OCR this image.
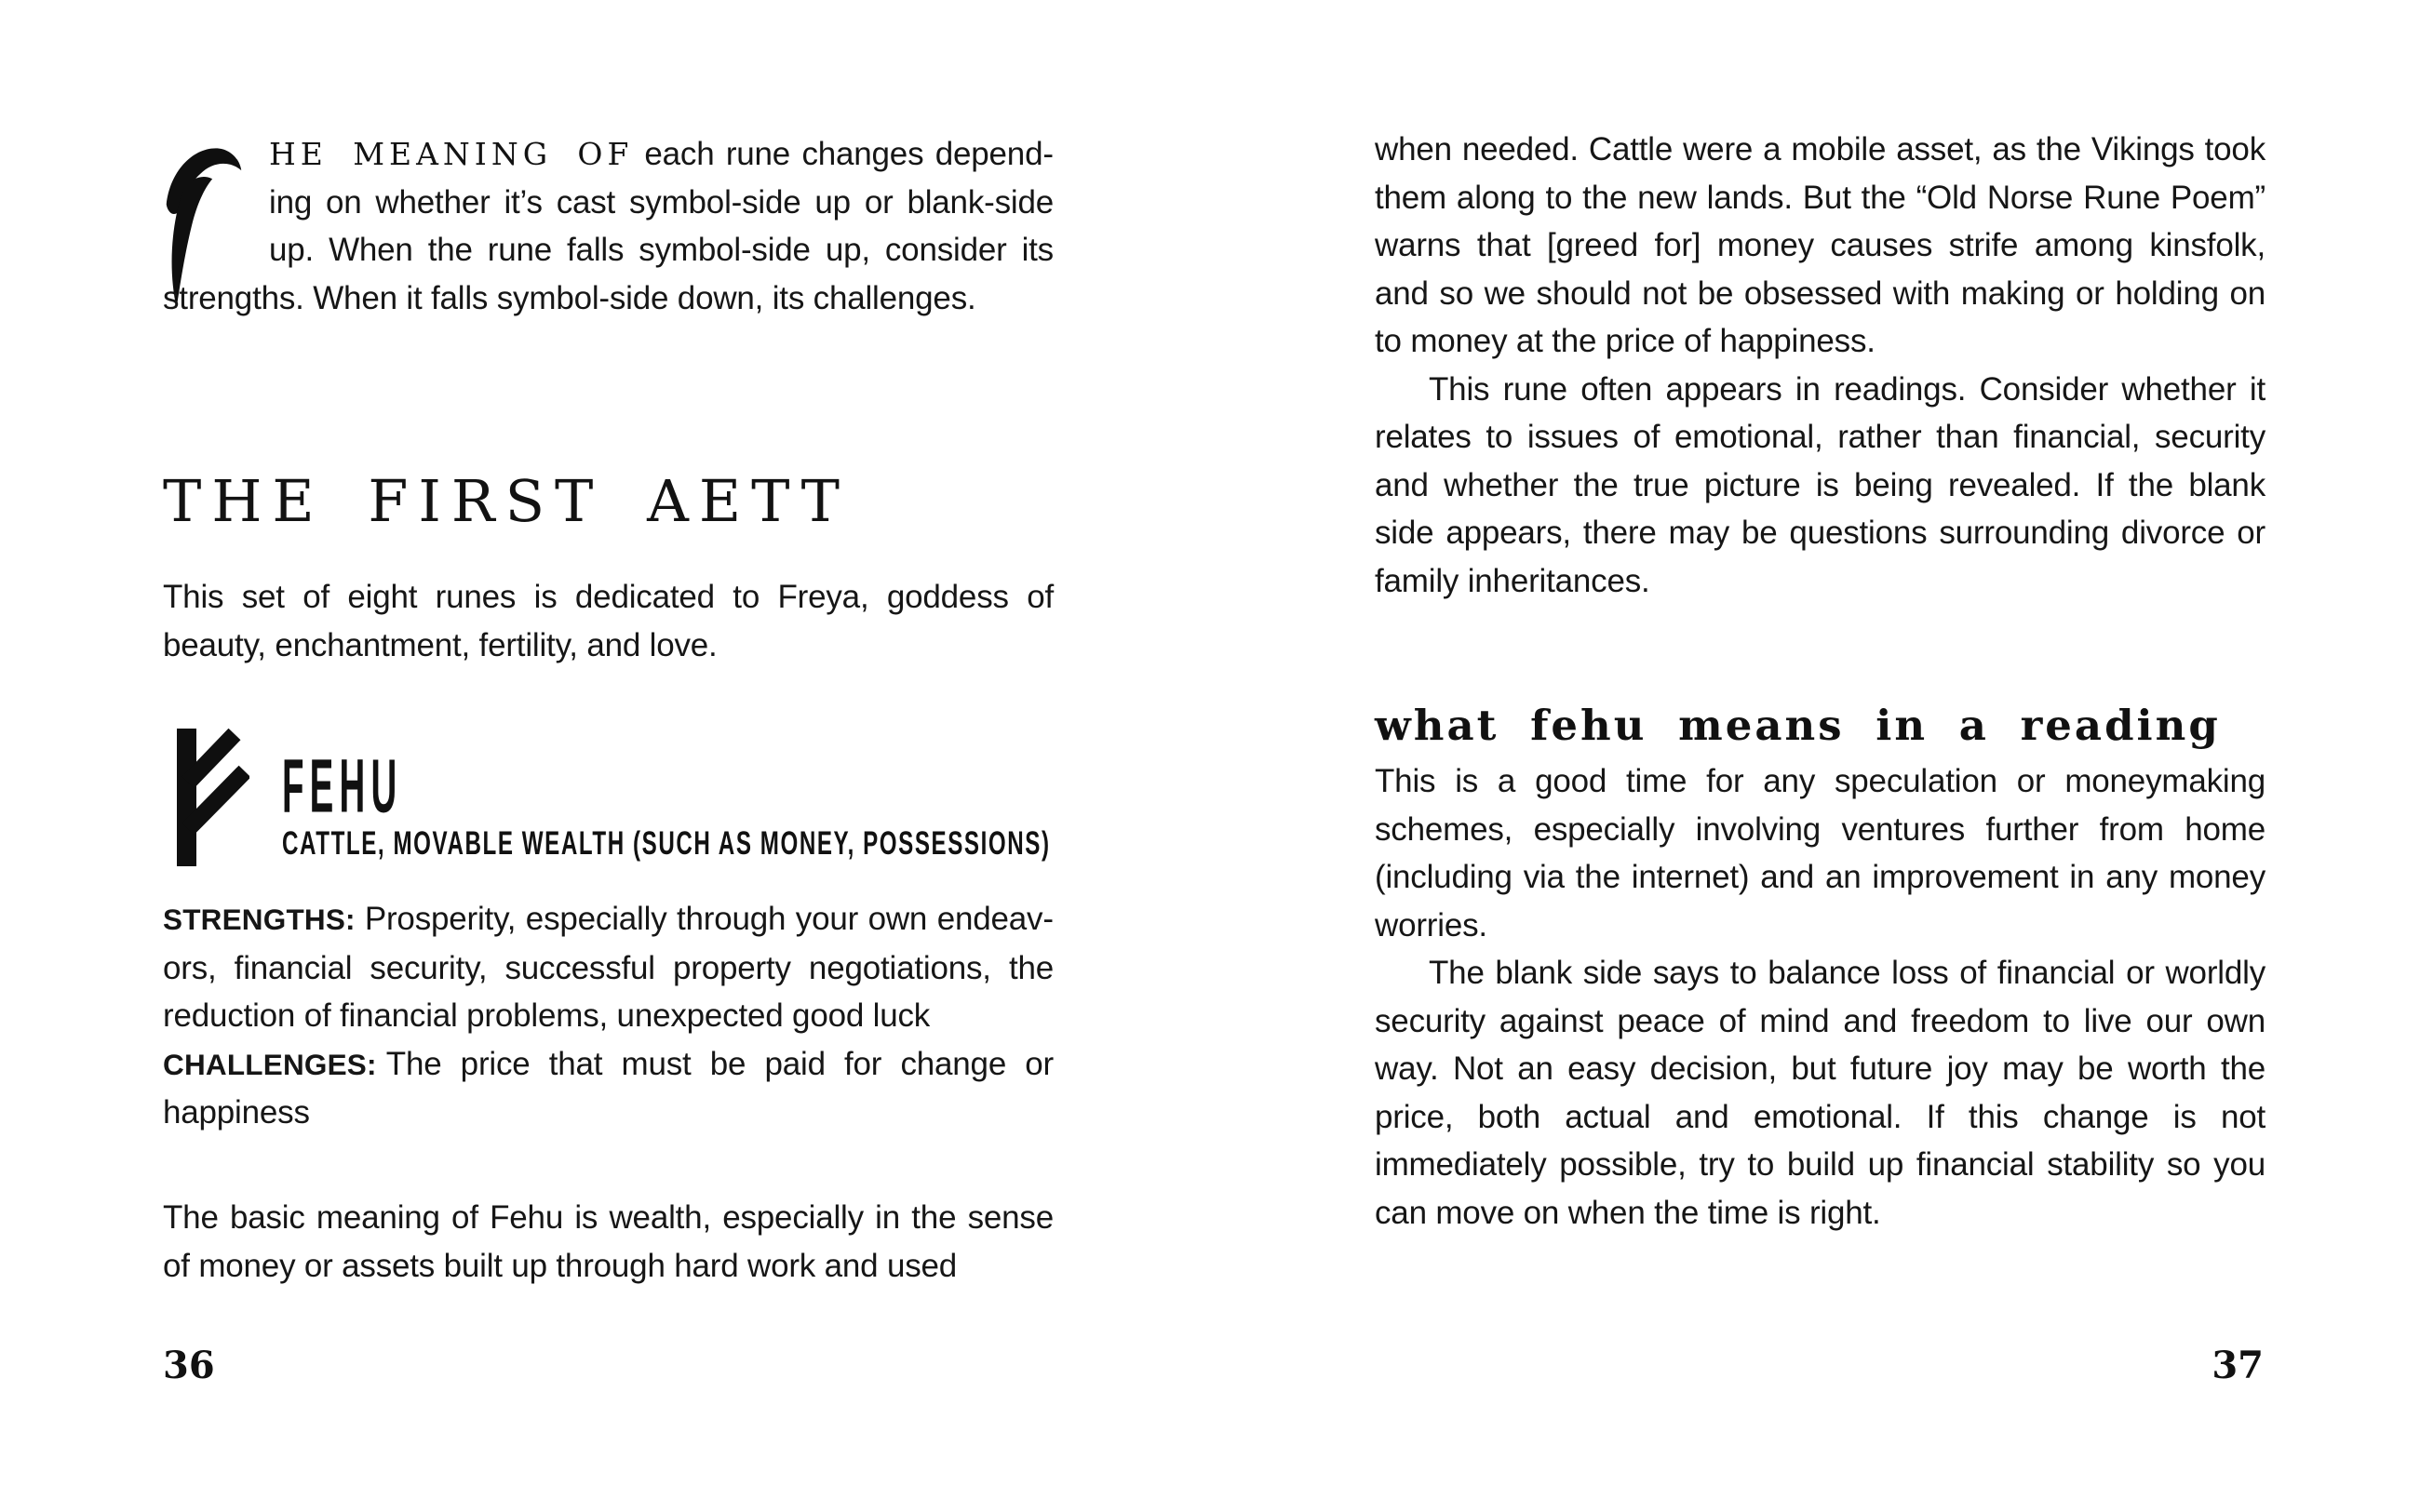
HE MEANING OF each rune changes depending on whether it’s cast symbol-side up or blank-side up. When the rune falls symbol-side up, consider its strengths. When it falls symbol-side down, its challenges.
THE FIRST AETT
This set of eight runes is dedicated to Freya, goddess of beauty, enchantment, fertility, and love.
FEHU
CATTLE, MOVABLE WEALTH (SUCH AS MONEY, POSSESSIONS)

STRENGTHS: Prosperity, especially through your own endeavors, financial security, successful property negotiations, the reduction of financial problems, unexpected good luck

CHALLENGES: The price that must be paid for change or happiness

The basic meaning of Fehu is wealth, especially in the sense of money or assets built up through hard work and used
36

when needed. Cattle were a mobile asset, as the Vikings took them along to the new lands. But the “Old Norse Rune Poem” warns that [greed for] money causes strife among kinsfolk, and so we should not be obsessed with making or holding on to money at the price of happiness.

This rune often appears in readings. Consider whether it relates to issues of emotional, rather than financial, security and whether the true picture is being revealed. If the blank side appears, there may be questions surrounding divorce or family inheritances.

what fehu means in a reading

This is a good time for any speculation or moneymaking schemes, especially involving ventures further from home (including via the internet) and an improvement in any money worries.

The blank side says to balance loss of financial or worldly security against peace of mind and freedom to live our own way. Not an easy decision, but future joy may be worth the price, both actual and emotional. If this change is not immediately possible, try to build up financial stability so you can move on when the time is right.

37
